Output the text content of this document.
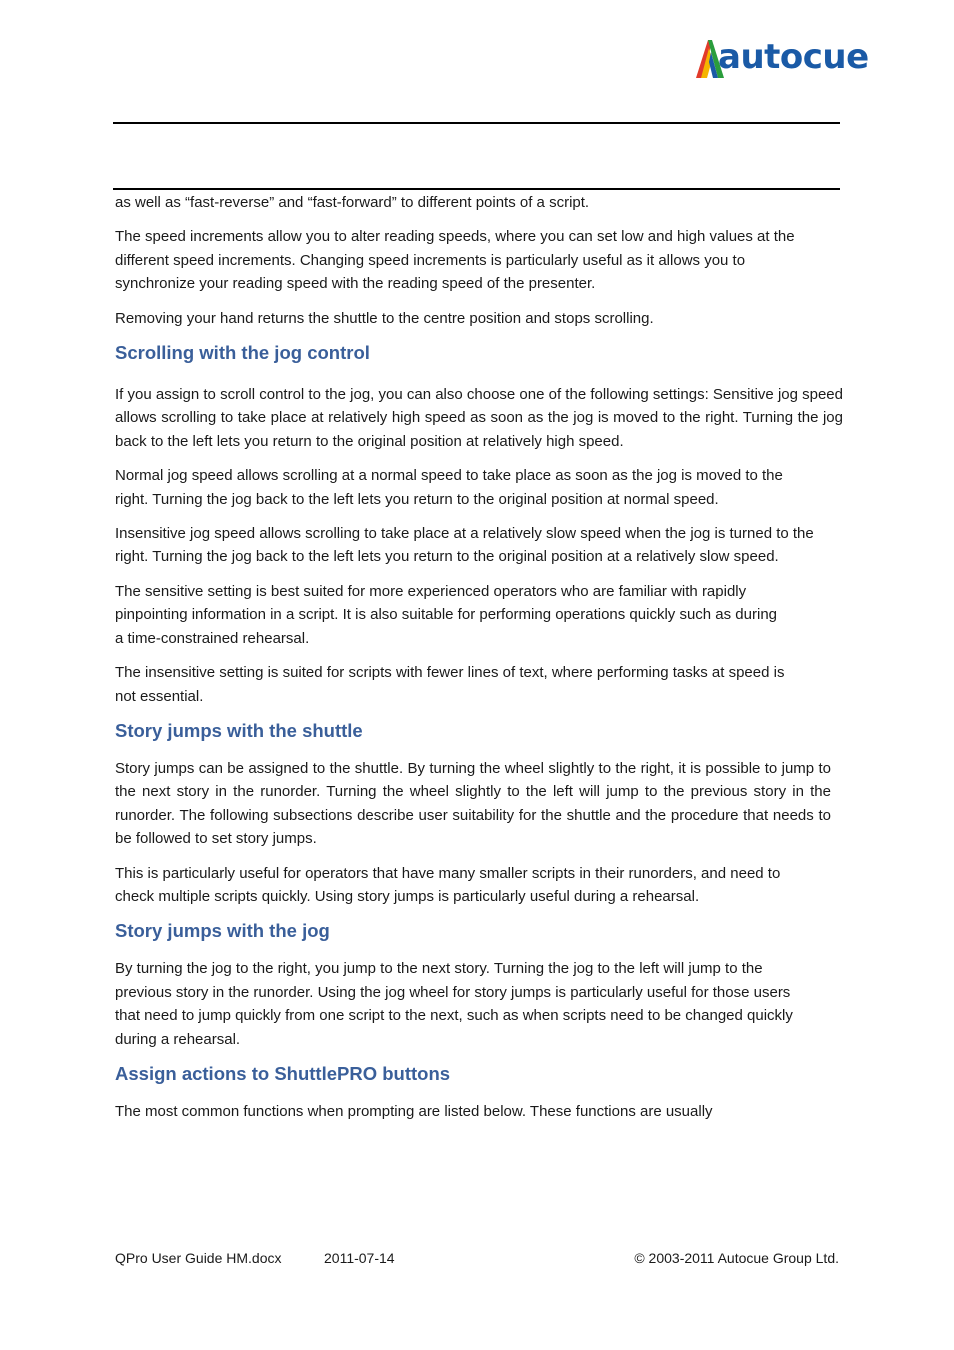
autocue

as well as “fast-reverse” and “fast-forward” to different points of a script.

The speed increments allow you to alter reading speeds, where you can set low and high values at the different speed increments. Changing speed increments is particularly useful as it allows you to synchronize your reading speed with the reading speed of the presenter.

Removing your hand returns the shuttle to the centre position and stops scrolling.

Scrolling with the jog control

If you assign to scroll control to the jog, you can also choose one of the following settings: Sensitive jog speed allows scrolling to take place at relatively high speed as soon as the jog is moved to the right. Turning the jog back to the left lets you return to the original position at relatively high speed.

Normal jog speed allows scrolling at a normal speed to take place as soon as the jog is moved to the right. Turning the jog back to the left lets you return to the original position at normal speed.

Insensitive jog speed allows scrolling to take place at a relatively slow speed when the jog is turned to the right. Turning the jog back to the left lets you return to the original position at a relatively slow speed.

The sensitive setting is best suited for more experienced operators who are familiar with rapidly pinpointing information in a script. It is also suitable for performing operations quickly such as during a time-constrained rehearsal.

The insensitive setting is suited for scripts with fewer lines of text, where performing tasks at speed is not essential.

Story jumps with the shuttle

Story jumps can be assigned to the shuttle. By turning the wheel slightly to the right, it is possible to jump to the next story in the runorder. Turning the wheel slightly to the left will jump to the previous story in the runorder. The following subsections describe user suitability for the shuttle and the procedure that needs to be followed to set story jumps.

This is particularly useful for operators that have many smaller scripts in their runorders, and need to check multiple scripts quickly. Using story jumps is particularly useful during a rehearsal.

Story jumps with the jog

By turning the jog to the right, you jump to the next story. Turning the jog to the left will jump to the previous story in the runorder. Using the jog wheel for story jumps is particularly useful for those users that need to jump quickly from one script to the next, such as when scripts need to be changed quickly during a rehearsal.

Assign actions to ShuttlePRO buttons

The most common functions when prompting are listed below. These functions are usually

QPro User Guide HM.docx	2011-07-14	© 2003-2011 Autocue Group Ltd.
